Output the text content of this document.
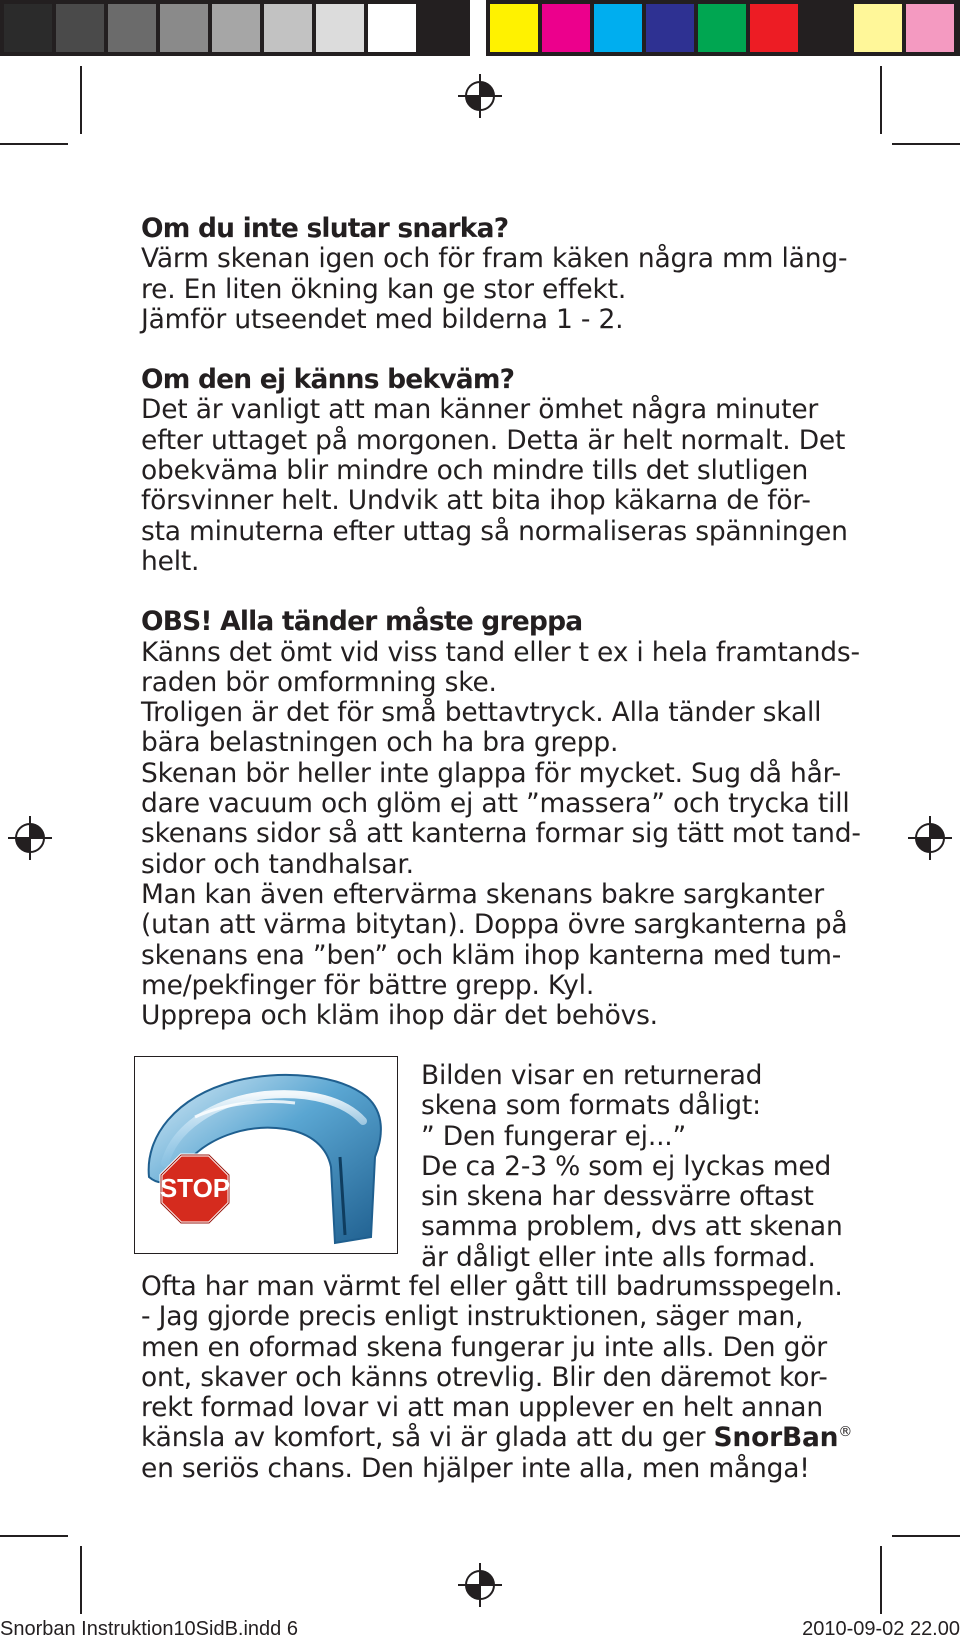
Om du inte slutar snarka?
Värm skenan igen och för fram käken några mm läng-
re. En liten ökning kan ge stor effekt.
Jämför utseendet med bilderna 1 - 2.
Om den ej känns bekväm?
Det är vanligt att man känner ömhet några minuter
efter uttaget på morgonen. Detta är helt normalt. Det
obekväma blir mindre och mindre tills det slutligen
försvinner helt. Undvik att bita ihop käkarna de för-
sta minuterna efter uttag så normaliseras spänningen
helt.
OBS! Alla tänder måste greppa
Känns det ömt vid viss tand eller t ex i hela framtands-
raden bör omformning ske.
Troligen är det för små bettavtryck. Alla tänder skall
bära belastningen och ha bra grepp.
Skenan bör heller inte glappa för mycket. Sug då hår-
dare vacuum och glöm ej att ”massera” och trycka till
skenans sidor så att kanterna formar sig tätt mot tand-
sidor och tandhalsar.
Man kan även eftervärma skenans bakre sargkanter
(utan att värma bitytan). Doppa övre sargkanterna på
skenans ena ”ben” och kläm ihop kanterna med tum-
me/pekfinger för bättre grepp. Kyl.
Upprepa och kläm ihop där det behövs.
STOP
Bilden visar en returnerad
skena som formats dåligt:
” Den fungerar ej...”
De ca 2-3 % som ej lyckas med
sin skena har dessvärre oftast
samma problem, dvs att skenan
är dåligt eller inte alls formad.
Ofta har man värmt fel eller gått till badrumsspegeln.
- Jag gjorde precis enligt instruktionen, säger man,
men en oformad skena fungerar ju inte alls. Den gör
ont, skaver och känns otrevlig. Blir den däremot kor-
rekt formad lovar vi att man upplever en helt annan
känsla av komfort, så vi är glada att du ger SnorBan®
en seriös chans. Den hjälper inte alla, men många!
Snorban Instruktion10SidB.indd 6	2010-09-02 22.00
